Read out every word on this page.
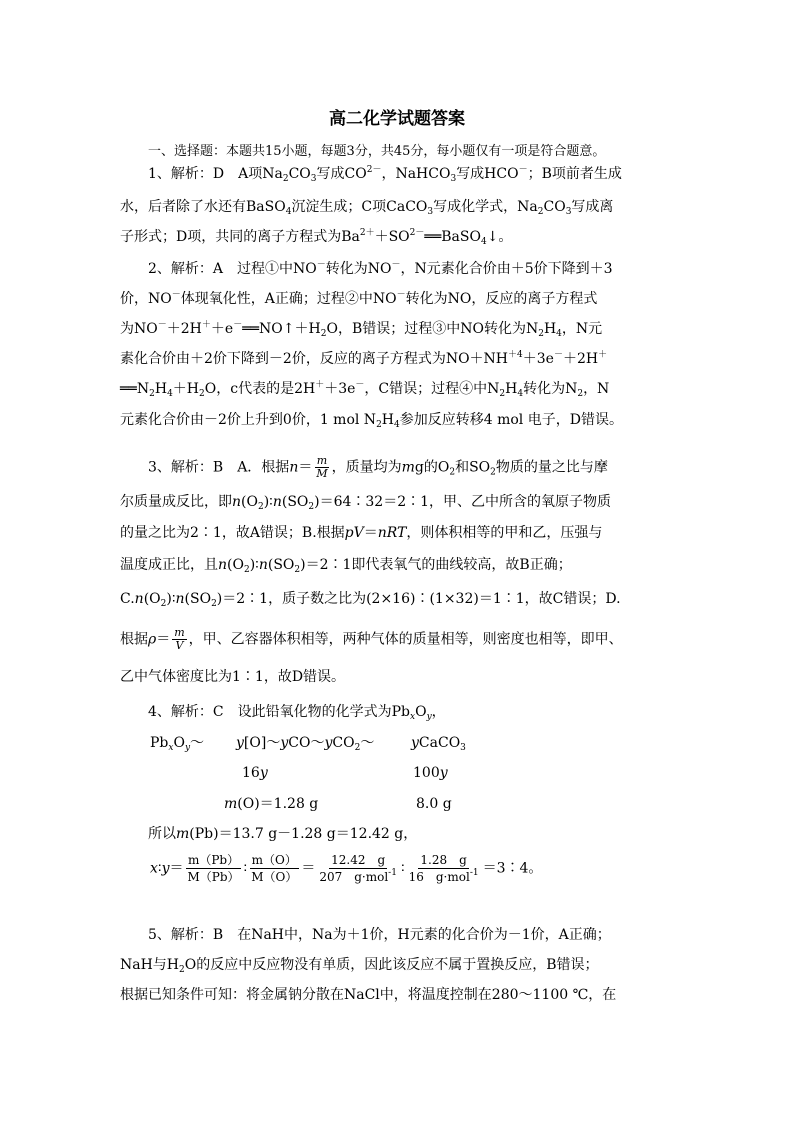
高二化学试题答案
一、选择题：本题共15小题，每题3分，共45分，每小题仅有一项是符合题意。
1、解析：D　A项$Na_2CO_3$写成$CO^{2-}$，NaHCO$_3$写成HCO－；B项前者生成
水，后者除了水还有BaSO$_4$沉淀生成；C项CaCO$_3$写成化学式，$Na_2CO_3$写成离
子形式；D项，共同的离子方程式为$Ba^{2+}+SO^{2-}══BaSO_4↓$。
2、解析：A　过程①中NO－转化为NO－，N元素化合价由＋5价下降到＋3
价，NO－体现氧化性，A正确；过程②中NO－转化为NO，反应的离子方程式
为$NO^-+2H^++e^-══NO↑+H_2O$，B错误；过程③中NO转化为$N_2H_4$，N元
素化合价由＋2价下降到－2价，反应的离子方程式为$NO+NH^{+4}+3e^-+2H^+$
$══N_2H_4+H_2O$，c代表的是2H＋＋3e－，C错误；过程④中$N_2H_4$转化为$N_2$，N
元素化合价由－2价上升到0价，1 mol $N_2H_4$参加反应转移4 mol 电子，D错误。
3、解析：B　A．根据$n= \frac{m}{M}$ ，质量均为mg的$O_2$和$SO_2$物质的量之比与摩
尔质量成反比，即$n(O_2)∶n(SO_2)=64∶32=2∶1$，甲、乙中所含的氧原子物质
的量之比为2∶1，故A错误；B.根据pV＝nRT，则体积相等的甲和乙，压强与
温度成正比，且$n(O_2)∶n(SO_2)=2∶1$即代表氧气的曲线较高，故B正确；
$C.n(O_2)∶n(SO_2)=2∶1$，质子数之比为(2×16)∶(1×32)＝1∶1，故C错误；D.
根据$\rho= \frac{m}{V}$ ，甲、乙容器体积相等，两种气体的质量相等，则密度也相等，即甲、
乙中气体密度比为1∶1，故D错误。
4、解析：C　设此铅氧化物的化学式为$Pb_xO_y$，
$Pb_xO_y\sim$ y[O]～yCO～yCO$_2$～	yCaCO$_3$
16y	100y
m(O)＝1.28 g	8.0 g
所以m(Pb)＝13.7 g－1.28 g＝12.42 g，
x∶y＝ $\frac{m(Pb)}{M(Pb)}$ ∶ $\frac{m(O)}{M(O)} = \frac{12.42 g}{207 g\cdot mol^{-1}}$ ∶ $\frac{1.28 g}{16 g\cdot mol^{-1}}$ ＝3∶4。
5、解析：B　在NaH中，Na为＋1价，H元素的化合价为－1价，A正确；
NaH与$H_2O$的反应中反应物没有单质，因此该反应不属于置换反应，B错误；
根据已知条件可知：将金属钠分散在NaCl中，将温度控制在280～1100 ℃，在
